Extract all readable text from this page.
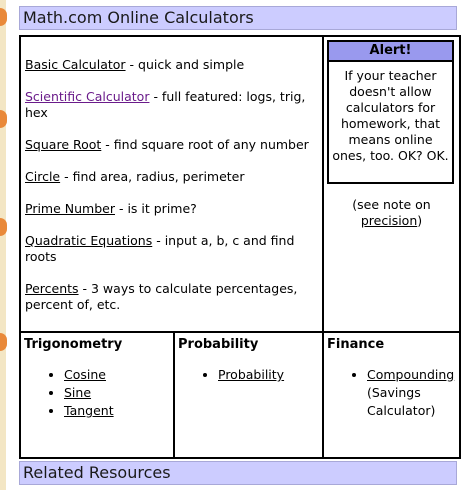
Math.com Online Calculators
Basic Calculator - quick and simple
Scientific Calculator - full featured: logs, trig, hex
Square Root - find square root of any number
Circle - find area, radius, perimeter
Prime Number - is it prime?
Quadratic Equations - input a, b, c and find roots
Percents - 3 ways to calculate percentages, percent of, etc.
Alert!
If your teacher doesn't allow calculators for homework, that means online ones, too. OK? OK.
(see note on precision)
Trigonometry
• Cosine
• Sine
• Tangent
Probability
• Probability
Finance
• Compounding
(Savings Calculator)
Related Resources
